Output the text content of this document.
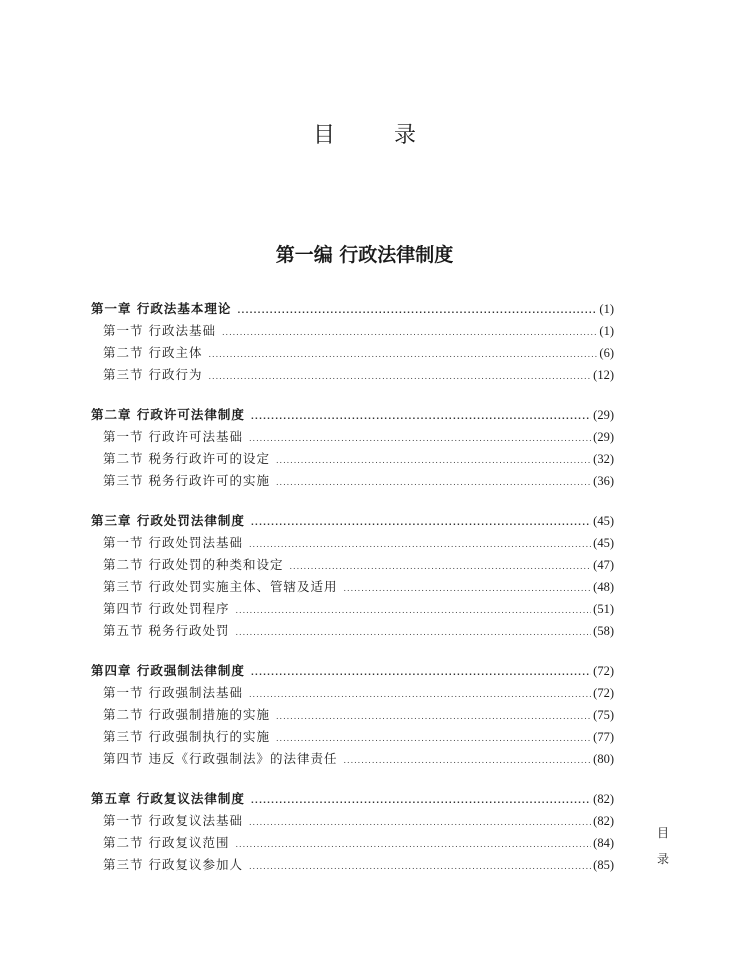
目 录
第一编 行政法律制度
第一章 行政法基本理论 .....	(1)
第一节 行政法基础 .....	(1)
第二节 行政主体 .....	(6)
第三节 行政行为 .....	(12)
第二章 行政许可法律制度 .....	(29)
第一节 行政许可法基础 .....	(29)
第二节 税务行政许可的设定 .....	(32)
第三节 税务行政许可的实施 .....	(36)
第三章 行政处罚法律制度 .....	(45)
第一节 行政处罚法基础 .....	(45)
第二节 行政处罚的种类和设定 .....	(47)
第三节 行政处罚实施主体、管辖及适用 .....	(48)
第四节 行政处罚程序 .....	(51)
第五节 税务行政处罚 .....	(58)
第四章 行政强制法律制度 .....	(72)
第一节 行政强制法基础 .....	(72)
第二节 行政强制措施的实施 .....	(75)
第三节 行政强制执行的实施 .....	(77)
第四节 违反《行政强制法》的法律责任 .....	(80)
第五章 行政复议法律制度 .....	(82)
第一节 行政复议法基础 .....	(82)
第二节 行政复议范围 .....	(84)
第三节 行政复议参加人 .....	(85)
目
录
